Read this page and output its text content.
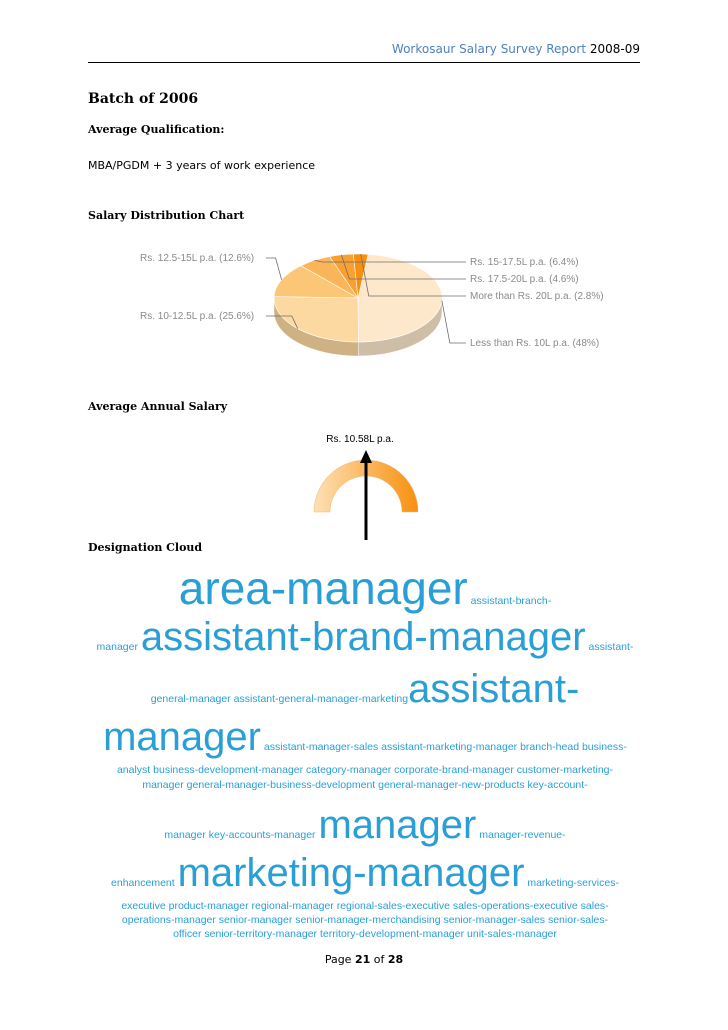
Workosaur Salary Survey Report 2008-09
Batch of 2006
Average Qualification:
MBA/PGDM + 3 years of work experience
Salary Distribution Chart
Less than Rs. 10L p.a. (48%)
Rs. 10-12.5L p.a. (25.6%)
Rs. 12.5-15L p.a. (12.6%)	Rs. 15-17.5L p.a. (6.4%)
Rs. 17.5-20L p.a. (4.6%)
More than Rs. 20L p.a. (2.8%)
Average Annual Salary
Rs. 10.58L p.a.
Designation Cloud
area-manager assistant-branch-
manager assistant-brand-manager assistant-
general-manager assistant-general-manager-marketingassistant-
manager assistant-manager-sales assistant-marketing-manager branch-head business-
analyst business-development-manager category-manager corporate-brand-manager customer-marketing-
manager general-manager-business-development general-manager-new-products key-account-
manager key-accounts-manager manager manager-revenue-
enhancement marketing-manager marketing-services-
executive product-manager regional-manager regional-sales-executive sales-operations-executive sales-
operations-manager senior-manager senior-manager-merchandising senior-manager-sales senior-sales-
officer senior-territory-manager territory-development-manager unit-sales-manager
Page 21 of 28
